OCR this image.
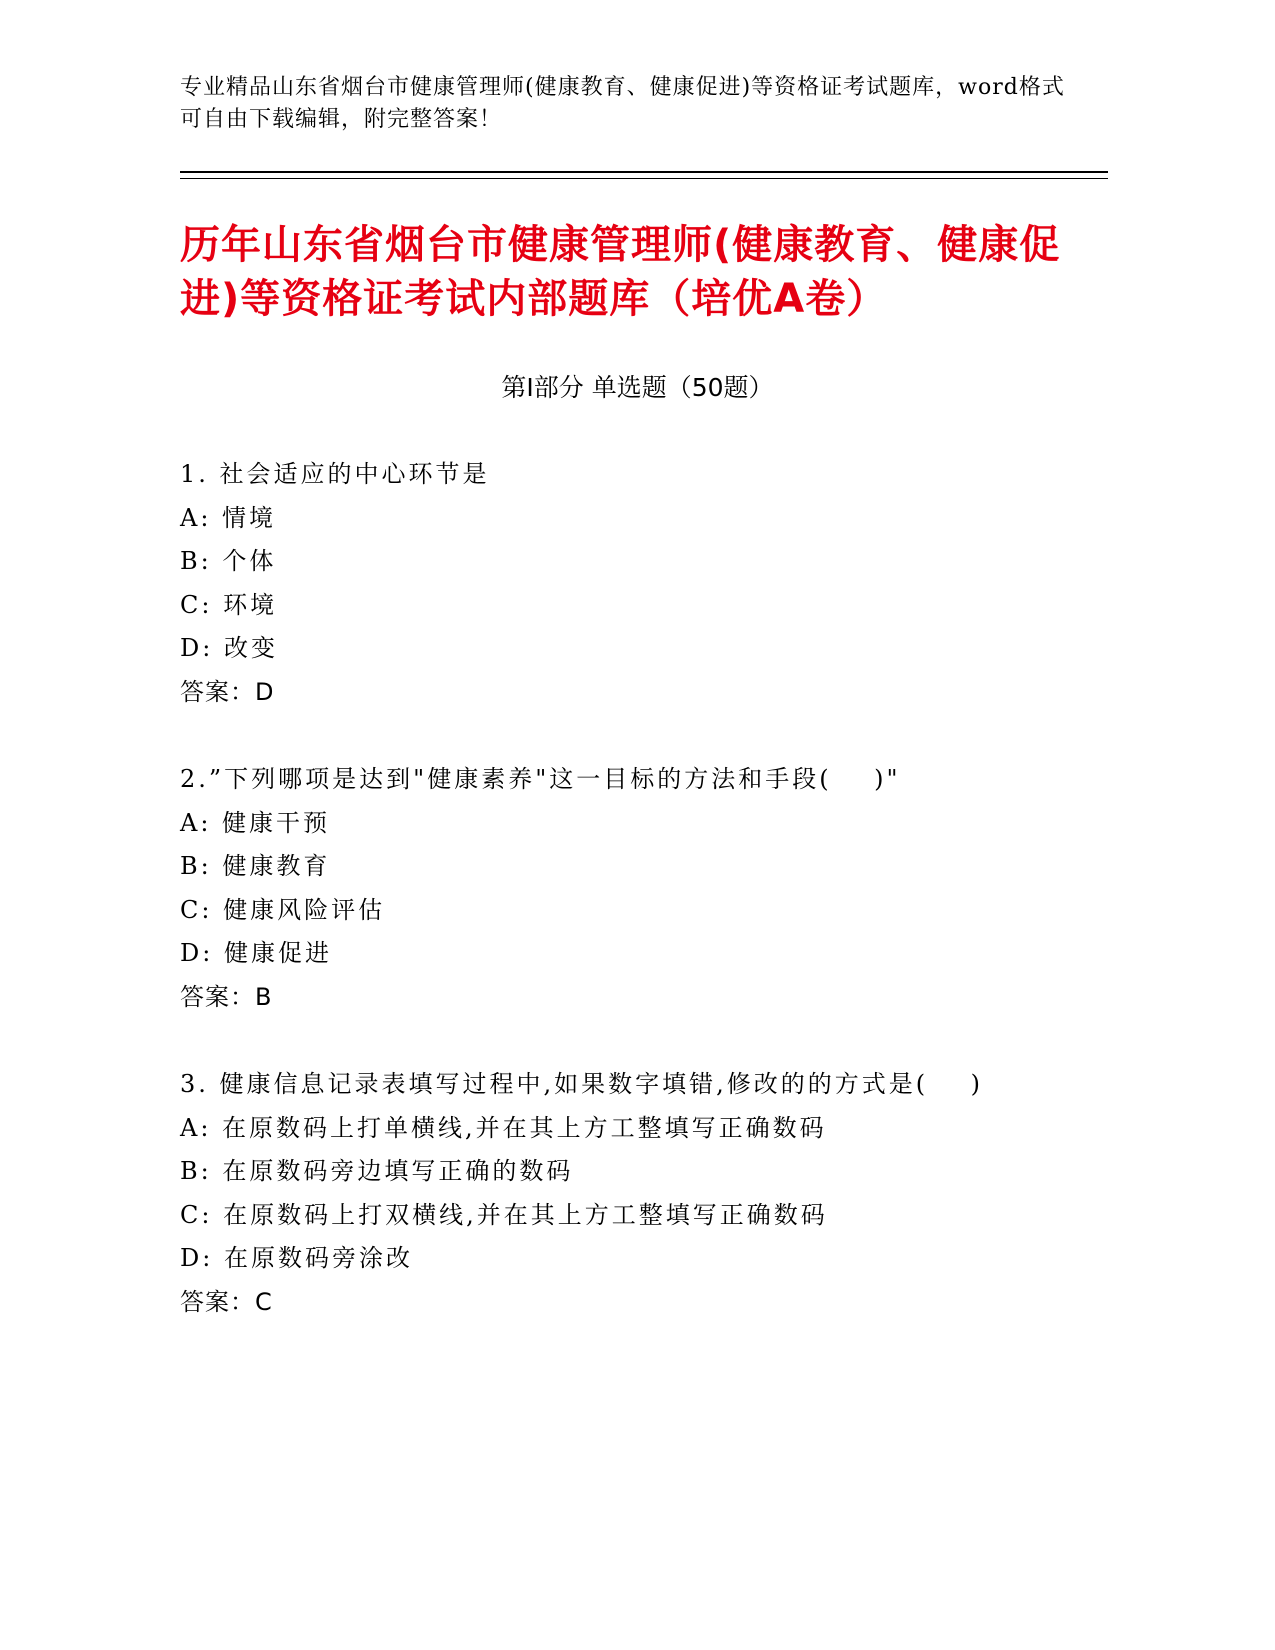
专业精品山东省烟台市健康管理师(健康教育、健康促进)等资格证考试题库，word格式可自由下载编辑，附完整答案！
历年山东省烟台市健康管理师(健康教育、健康促进)等资格证考试内部题库（培优A卷）
第Ⅰ部分 单选题（50题）
1. 社会适应的中心环节是
A: 情境
B: 个体
C: 环境
D: 改变
答案：D
2.”下列哪项是达到"健康素养"这一目标的方法和手段(    )"
A: 健康干预
B: 健康教育
C: 健康风险评估
D: 健康促进
答案：B
3. 健康信息记录表填写过程中,如果数字填错,修改的的方式是(    )
A: 在原数码上打单横线,并在其上方工整填写正确数码
B: 在原数码旁边填写正确的数码
C: 在原数码上打双横线,并在其上方工整填写正确数码
D: 在原数码旁涂改
答案：C
